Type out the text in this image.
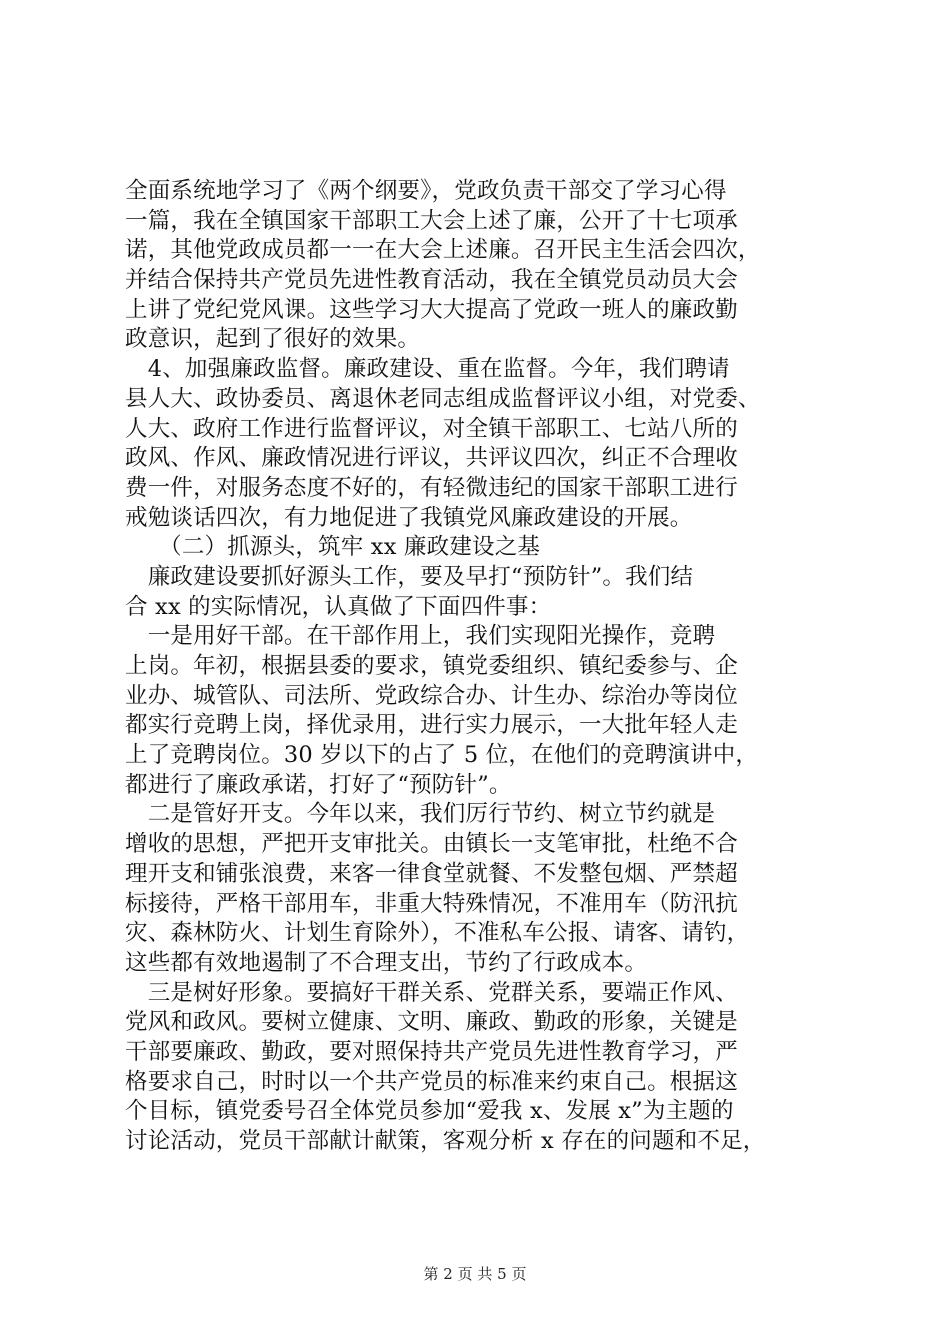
全面系统地学习了《两个纲要》，党政负责干部交了学习心得
一篇，我在全镇国家干部职工大会上述了廉，公开了十七项承
诺，其他党政成员都一一在大会上述廉。召开民主生活会四次，
并结合保持共产党员先进性教育活动，我在全镇党员动员大会
上讲了党纪党风课。这些学习大大提高了党政一班人的廉政勤
政意识，起到了很好的效果。
　4、加强廉政监督。廉政建设、重在监督。今年，我们聘请
县人大、政协委员、离退休老同志组成监督评议小组，对党委、
人大、政府工作进行监督评议，对全镇干部职工、七站八所的
政风、作风、廉政情况进行评议，共评议四次，纠正不合理收
费一件，对服务态度不好的，有轻微违纪的国家干部职工进行
戒勉谈话四次，有力地促进了我镇党风廉政建设的开展。
　　（二）抓源头，筑牢 xx 廉政建设之基
　廉政建设要抓好源头工作，要及早打“预防针”。我们结
合 xx 的实际情况，认真做了下面四件事：
　一是用好干部。在干部作用上，我们实现阳光操作，竞聘
上岗。年初，根据县委的要求，镇党委组织、镇纪委参与、企
业办、城管队、司法所、党政综合办、计生办、综治办等岗位
都实行竞聘上岗，择优录用，进行实力展示，一大批年轻人走
上了竞聘岗位。30 岁以下的占了 5 位，在他们的竞聘演讲中，
都进行了廉政承诺，打好了“预防针”。
　二是管好开支。今年以来，我们厉行节约、树立节约就是
增收的思想，严把开支审批关。由镇长一支笔审批，杜绝不合
理开支和铺张浪费，来客一律食堂就餐、不发整包烟、严禁超
标接待，严格干部用车，非重大特殊情况，不准用车（防汛抗
灾、森林防火、计划生育除外），不准私车公报、请客、请钓，
这些都有效地遏制了不合理支出，节约了行政成本。
　三是树好形象。要搞好干群关系、党群关系，要端正作风、
党风和政风。要树立健康、文明、廉政、勤政的形象，关键是
干部要廉政、勤政，要对照保持共产党员先进性教育学习，严
格要求自己，时时以一个共产党员的标准来约束自己。根据这
个目标，镇党委号召全体党员参加“爱我 x、发展 x”为主题的
讨论活动，党员干部献计献策，客观分析 x 存在的问题和不足，
第 2 页 共 5 页
